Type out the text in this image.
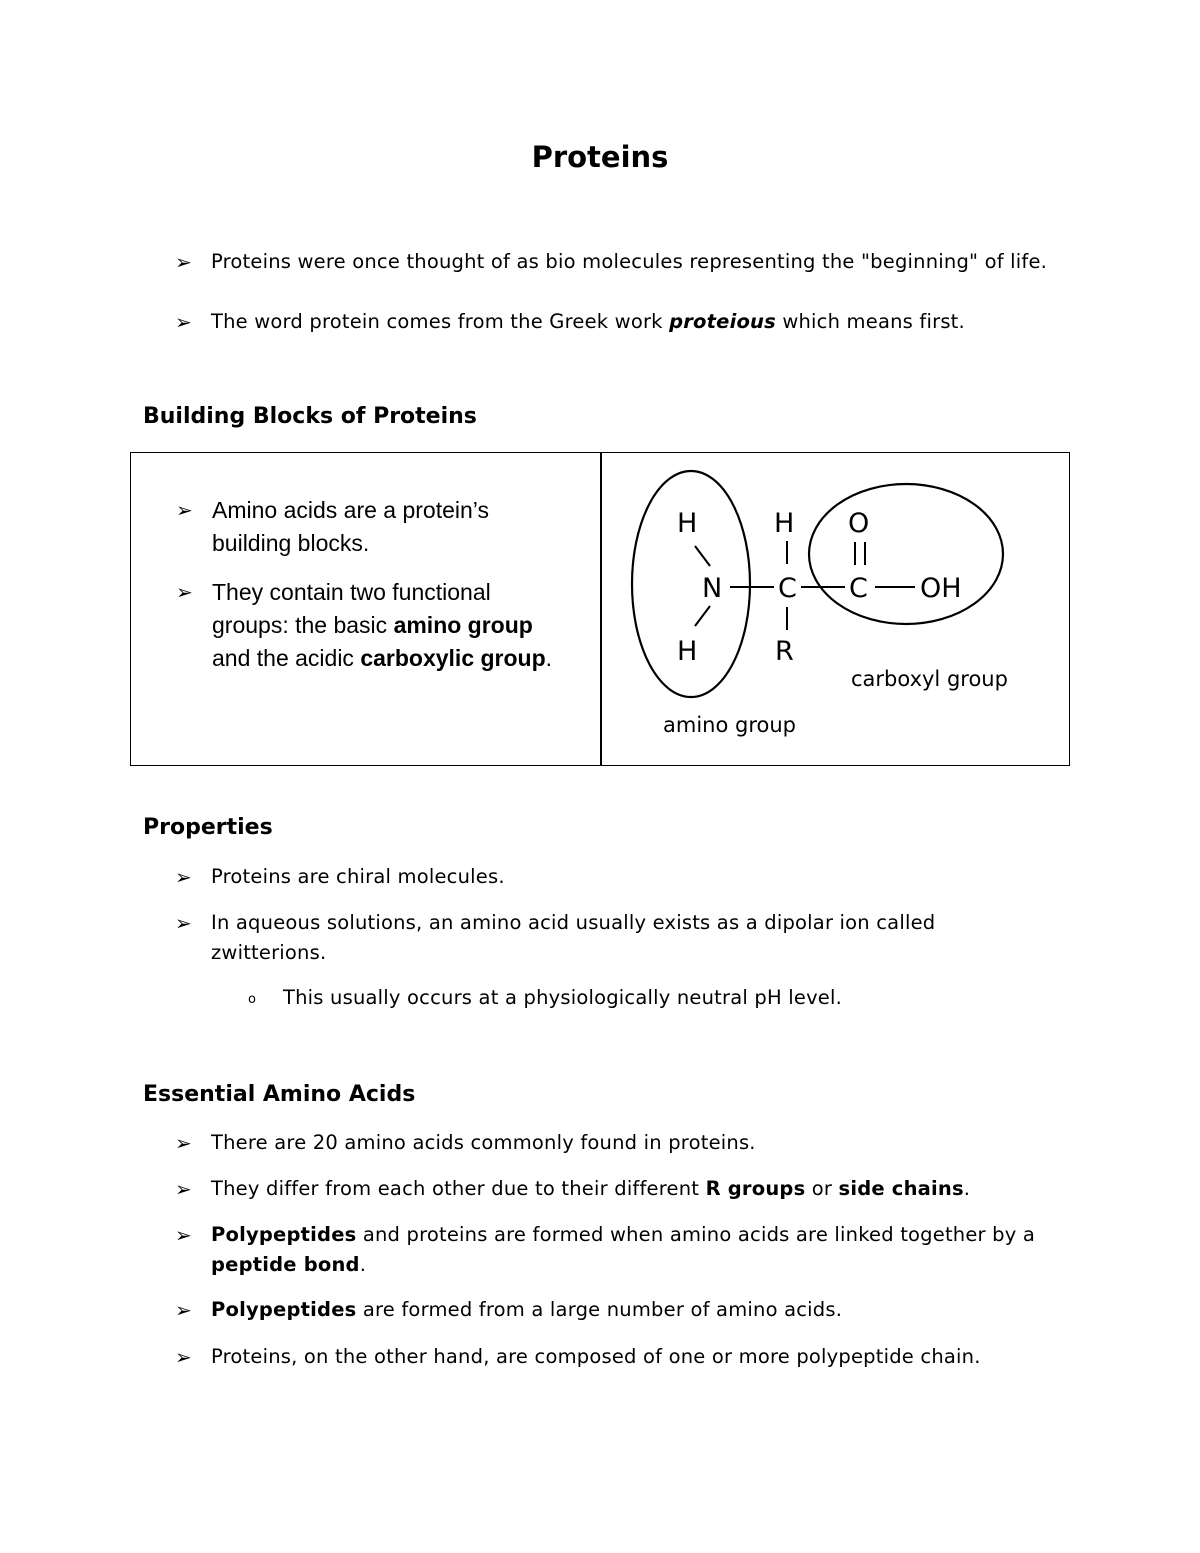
Proteins
➢ Proteins were once thought of as bio molecules representing the "beginning" of life.
➢ The word protein comes from the Greek work proteious which means first.
Building Blocks of Proteins
➢ Amino acids are a protein’s building blocks.
➢ They contain two functional groups: the basic amino group and the acidic carboxylic group.
H
N
H
H
C
R
O
C OH
carboxyl group
amino group
Properties
➢ Proteins are chiral molecules.
➢ In aqueous solutions, an amino acid usually exists as a dipolar ion called zwitterions.
o This usually occurs at a physiologically neutral pH level.
Essential Amino Acids
➢ There are 20 amino acids commonly found in proteins.
➢ They differ from each other due to their different R groups or side chains.
➢ Polypeptides and proteins are formed when amino acids are linked together by a peptide bond.
➢ Polypeptides are formed from a large number of amino acids.
➢ Proteins, on the other hand, are composed of one or more polypeptide chain.
